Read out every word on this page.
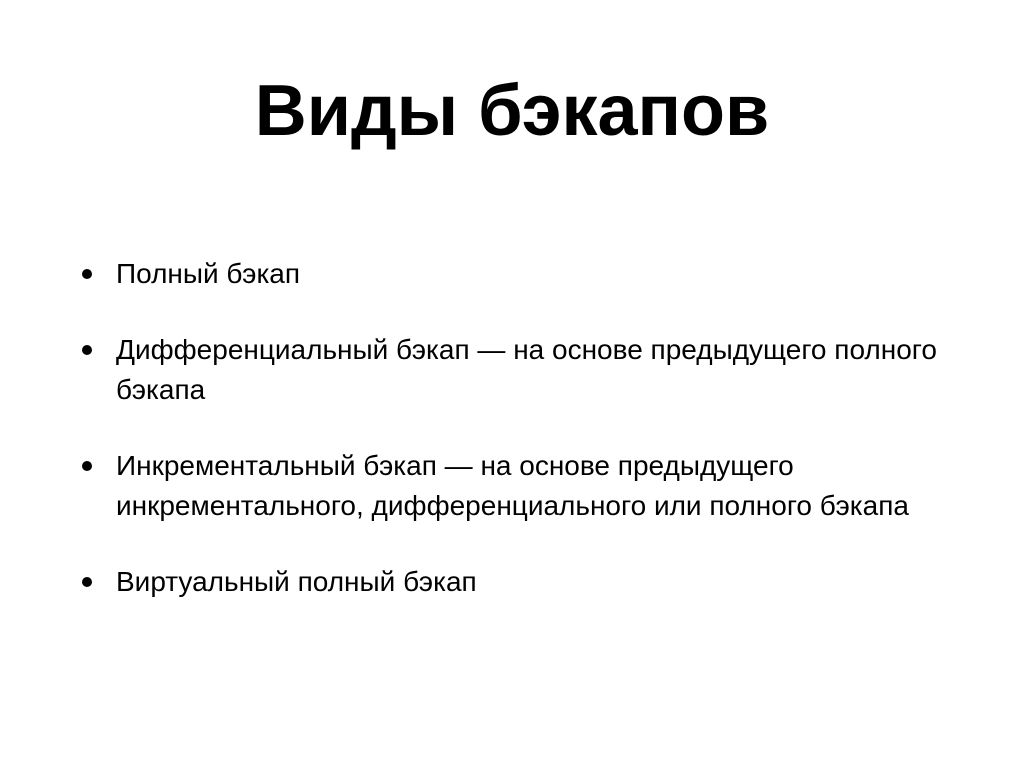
Виды бэкапов
Полный бэкап
Дифференциальный бэкап — на основе предыдущего полного бэкапа
Инкрементальный бэкап — на основе предыдущего инкрементального, дифференциального или полного бэкапа
Виртуальный полный бэкап
